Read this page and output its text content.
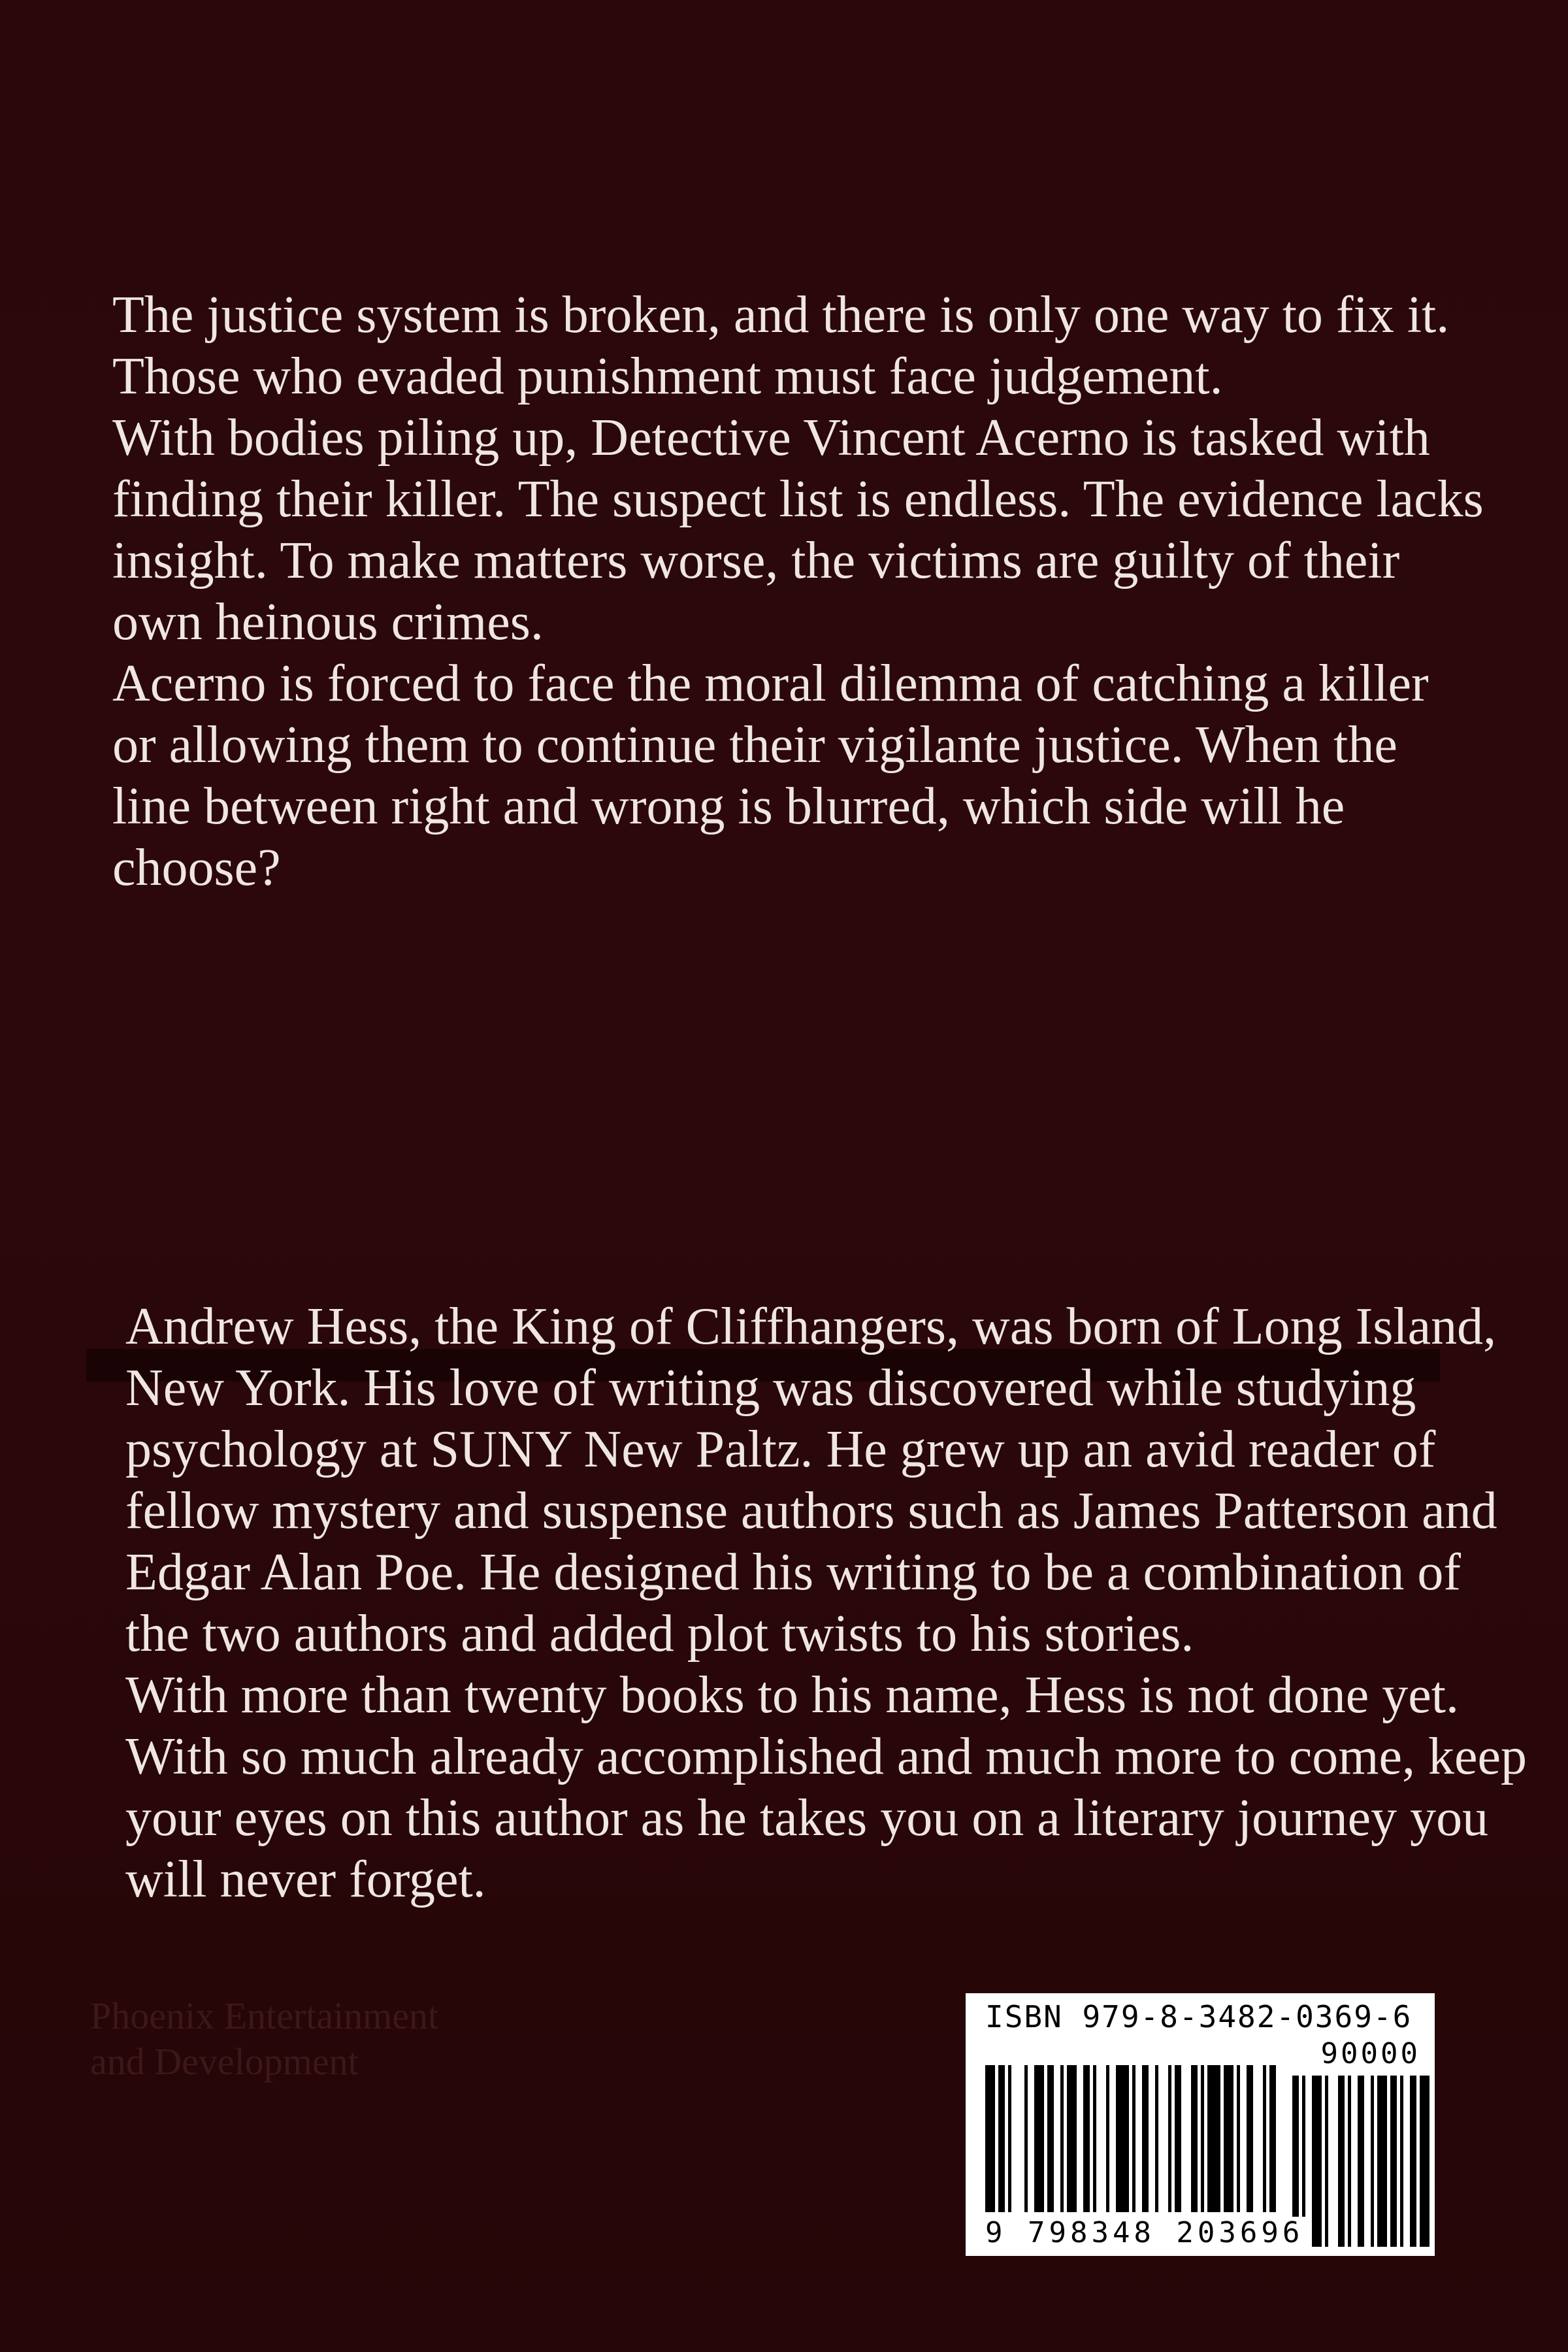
The justice system is broken, and there is only one way to fix it. Those who evaded punishment must face judgement.

With bodies piling up, Detective Vincent Acerno is tasked with finding their killer. The suspect list is endless. The evidence lacks insight. To make matters worse, the victims are guilty of their own heinous crimes.

Acerno is forced to face the moral dilemma of catching a killer or allowing them to continue their vigilante justice. When the line between right and wrong is blurred, which side will he choose?

Andrew Hess, the King of Cliffhangers, was born of Long Island, New York. His love of writing was discovered while studying psychology at SUNY New Paltz. He grew up an avid reader of fellow mystery and suspense authors such as James Patterson and Edgar Alan Poe. He designed his writing to be a combination of the two authors and added plot twists to his stories.

With more than twenty books to his name, Hess is not done yet. With so much already accomplished and much more to come, keep your eyes on this author as he takes you on a literary journey you will never forget.

Phoenix Entertainment
and Development
ISBN 979-8-3482-0369-6
90000
9 798348 203696
